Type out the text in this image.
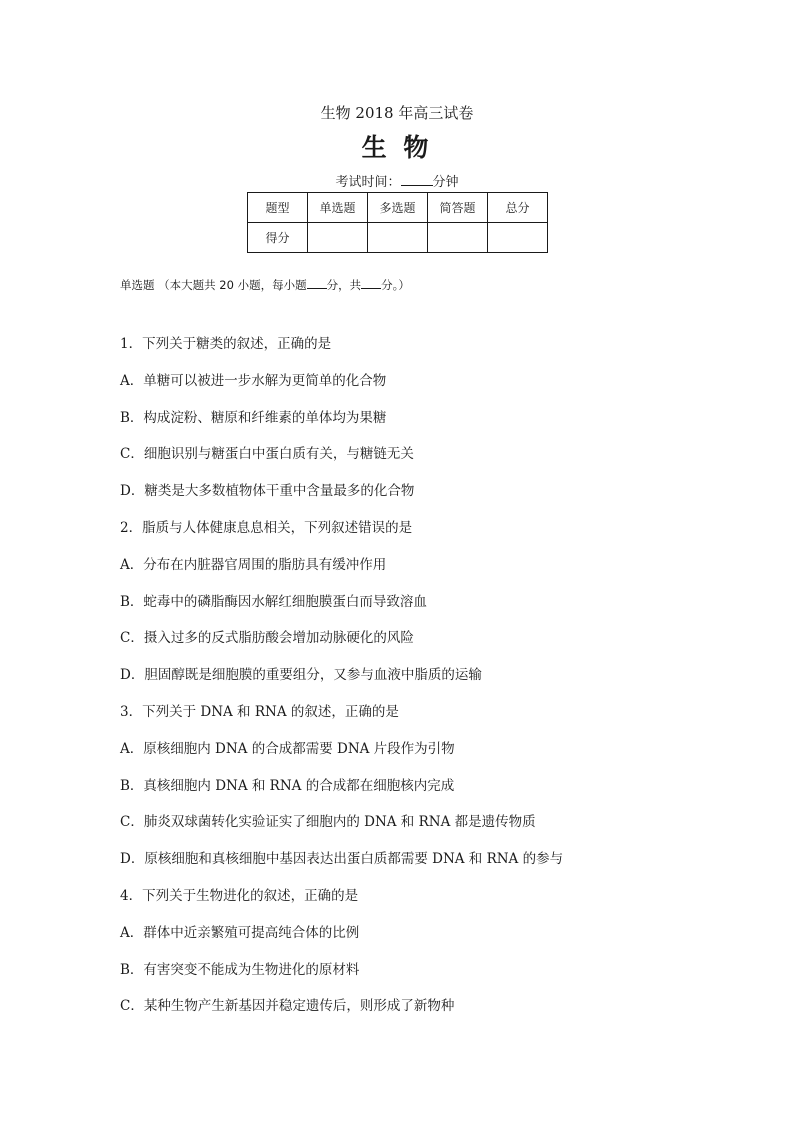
生物 2018 年高三试卷
生 物
考试时间： 分钟
题型	单选题	多选题	简答题	总分
得分				
单选题 （本大题共 20 小题，每小题 分，共 分。）
1．下列关于糖类的叙述，正确的是
A．单糖可以被进一步水解为更简单的化合物
B．构成淀粉、糖原和纤维素的单体均为果糖
C．细胞识别与糖蛋白中蛋白质有关，与糖链无关
D．糖类是大多数植物体干重中含量最多的化合物
2．脂质与人体健康息息相关，下列叙述错误的是
A．分布在内脏器官周围的脂肪具有缓冲作用
B．蛇毒中的磷脂酶因水解红细胞膜蛋白而导致溶血
C．摄入过多的反式脂肪酸会增加动脉硬化的风险
D．胆固醇既是细胞膜的重要组分，又参与血液中脂质的运输
3．下列关于 DNA 和 RNA 的叙述，正确的是
A．原核细胞内 DNA 的合成都需要 DNA 片段作为引物
B．真核细胞内 DNA 和 RNA 的合成都在细胞核内完成
C．肺炎双球菌转化实验证实了细胞内的 DNA 和 RNA 都是遗传物质
D．原核细胞和真核细胞中基因表达出蛋白质都需要 DNA 和 RNA 的参与
4．下列关于生物进化的叙述，正确的是
A．群体中近亲繁殖可提高纯合体的比例
B．有害突变不能成为生物进化的原材料
C．某种生物产生新基因并稳定遗传后，则形成了新物种
